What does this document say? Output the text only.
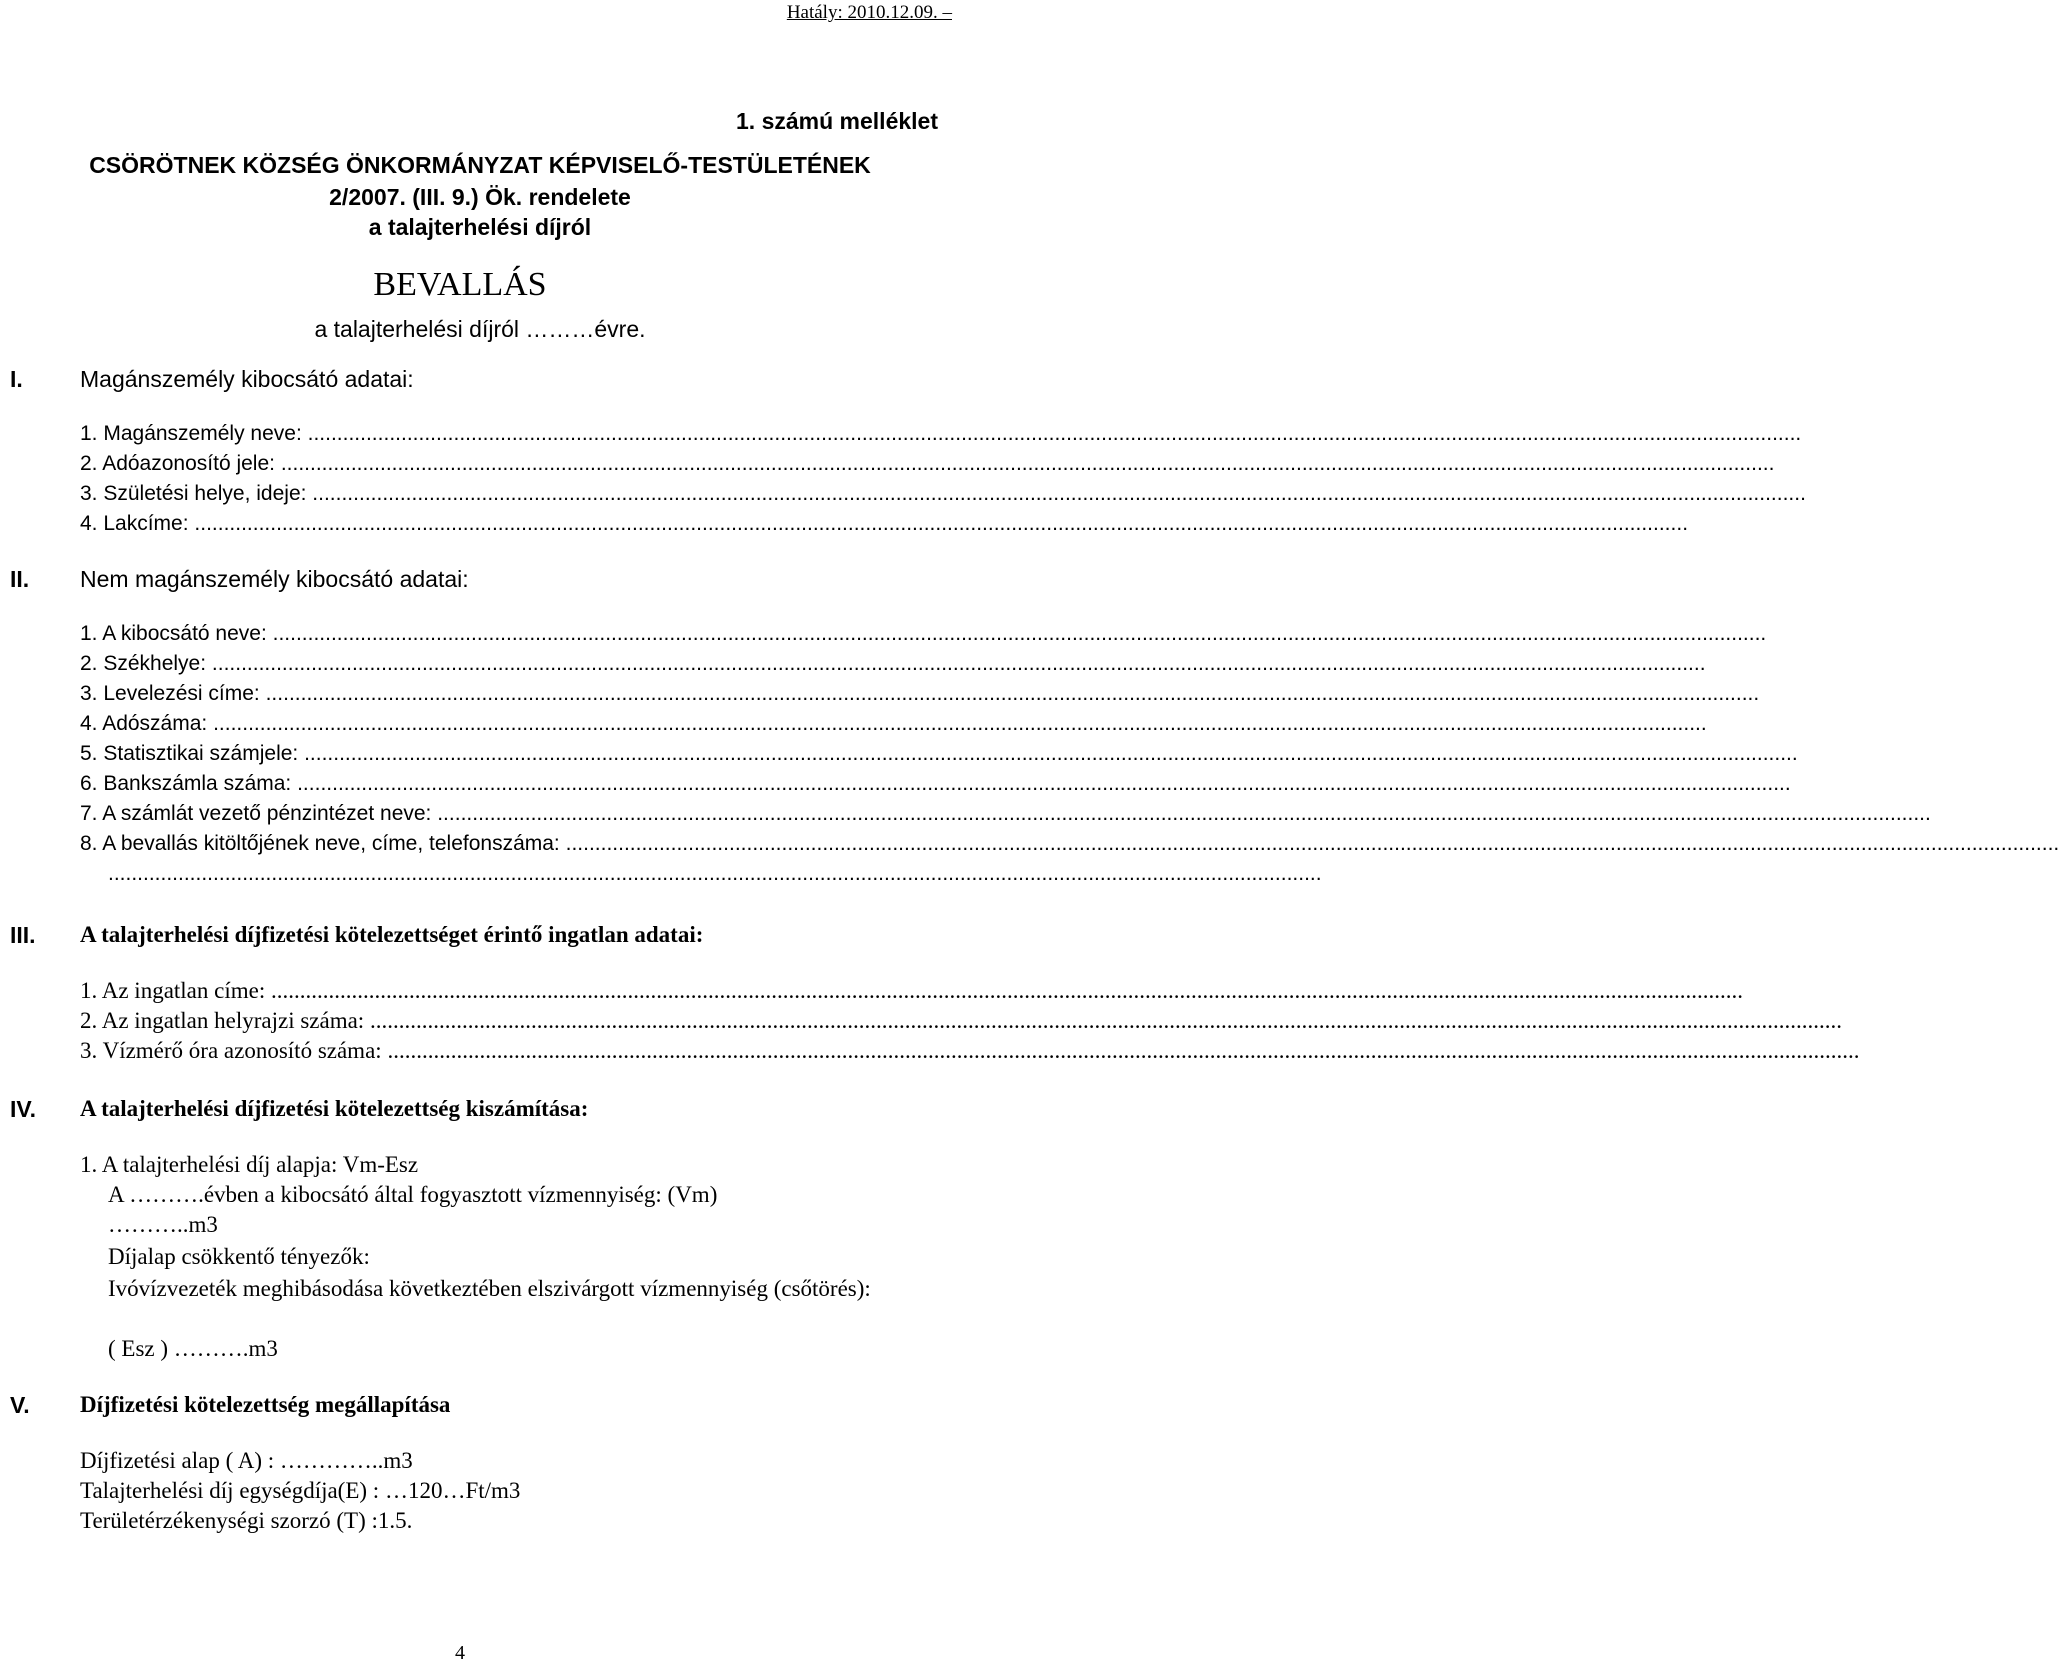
Hatály: 2010.12.09. –
1. számú melléklet
CSÖRÖTNEK KÖZSÉG ÖNKORMÁNYZAT KÉPVISELŐ-TESTÜLETÉNEK
2/2007. (III. 9.) Ök. rendelete
a talajterhelési díjról
BEVALLÁS
a talajterhelési díjról ………évre.
I. Magánszemély kibocsátó adatai:
1. Magánszemély neve: .....
2. Adóazonosító jele: .....
3. Születési helye, ideje: .....
4. Lakcíme: .....
II. Nem magánszemély kibocsátó adatai:
1. A kibocsátó neve: .....
2. Székhelye: .....
3. Levelezési címe: .....
4. Adószáma: .....
5. Statisztikai számjele: .....
6. Bankszámla száma: .....
7. A számlát vezető pénzintézet neve: .....
8. A bevallás kitöltőjének neve, címe, telefonszáma: .....
................................................................................................................................................................................................................
III. A talajterhelési díjfizetési kötelezettséget érintő ingatlan adatai:
1. Az ingatlan címe: .....
2. Az ingatlan helyrajzi száma: .....
3. Vízmérő óra azonosító száma: .....
IV. A talajterhelési díjfizetési kötelezettség kiszámítása:
1. A talajterhelési díj alapja: Vm-Esz
A ……….évben a kibocsátó által fogyasztott vízmennyiség: (Vm)
………..m3
Díjalap csökkentő tényezők:
Ivóvízvezeték meghibásodása következtében elszivárgott vízmennyiség (csőtörés):
( Esz ) ……….m3
V. Díjfizetési kötelezettség megállapítása
Díjfizetési alap ( A) : …………..m3
Talajterhelési díj egységdíja(E) : …120…Ft/m3
Területérzékenységi szorzó (T) :1.5.
4
